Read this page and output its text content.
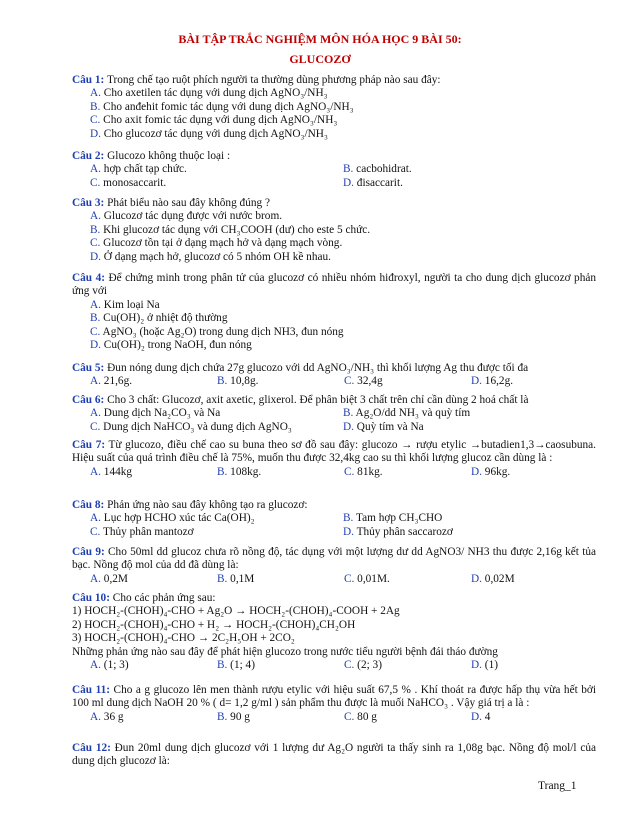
BÀI TẬP TRẮC NGHIỆM MÔN HÓA HỌC 9 BÀI 50:
GLUCOZƠ
Câu 1: Trong chế tạo ruột phích người ta thường dùng phương pháp nào sau đây:
A. Cho axetilen tác dụng với dung dịch AgNO₃/NH₃
B. Cho anđehit fomic tác dụng với dung dịch AgNO₃/NH₃
C. Cho axit fomic tác dụng với dung dịch AgNO₃/NH₃
D. Cho glucozơ tác dụng với dung dịch AgNO₃/NH₃
Câu 2: Glucozo không thuộc loại :
A. hợp chất tạp chức.	B. cacbohidrat.
C. monosaccarit.	D. đisaccarit.
Câu 3: Phát biểu nào sau đây không đúng ?
A. Glucozơ tác dụng được với nước brom.
B. Khi glucozơ tác dụng với CH₃COOH (dư) cho este 5 chức.
C. Glucozơ tồn tại ở dạng mạch hở và dạng mạch vòng.
D. Ở dạng mạch hở, glucozơ có 5 nhóm OH kề nhau.
Câu 4: Để chứng minh trong phân tử của glucozơ có nhiều nhóm hiđroxyl, người ta cho dung dịch glucozơ phản ứng với
A. Kim loại Na
B. Cu(OH)₂ ở nhiệt độ thường
C. AgNO₃ (hoặc Ag₂O) trong dung dịch NH3, đun nóng
D. Cu(OH)₂ trong NaOH, đun nóng
Câu 5: Đun nóng dung dịch chứa 27g glucozo với dd AgNO₃/NH₃ thì khối lượng Ag thu được tối đa
A. 21,6g.	B. 10,8g.	C. 32,4g	D. 16,2g.
Câu 6: Cho 3 chất: Glucozơ, axit axetic, glixerol. Để phân biệt 3 chất trên chỉ cần dùng 2 hoá chất là
A. Dung dịch Na₂CO₃ và Na	B. Ag₂O/dd NH₃ và quỳ tím
C. Dung dịch NaHCO₃ và dung dịch AgNO₃	D. Quỳ tím và Na
Câu 7: Từ glucozo, điều chế cao su buna theo sơ đồ sau đây: glucozo → rượu etylic →butadien1,3→caosubuna. Hiệu suất của quá trình điều chế là 75%, muốn thu được 32,4kg cao su thì khối lượng glucoz cần dùng là :
A. 144kg	B. 108kg.	C. 81kg.	D. 96kg.
Câu 8: Phản ứng nào sau đây không tạo ra glucozơ:
A. Lục hợp HCHO xúc tác Ca(OH)₂	B. Tam hợp CH₃CHO
C. Thủy phân mantozơ	D. Thủy phân saccarozơ
Câu 9: Cho 50ml dd glucoz chưa rõ nồng độ, tác dụng với một lượng dư dd AgNO3/ NH3 thu được 2,16g kết tủa bạc. Nồng độ mol của dd đã dùng là:
A. 0,2M	B. 0,1M	C. 0,01M.	D. 0,02M
Câu 10: Cho các phản ứng sau:
1) HOCH₂-(CHOH)₄-CHO + Ag₂O → HOCH₂-(CHOH)₄-COOH + 2Ag
2) HOCH₂-(CHOH)₄-CHO + H₂ → HOCH₂-(CHOH)₄CH₂OH
3) HOCH₂-(CHOH)₄-CHO → 2C₂H₅OH + 2CO₂
Những phản ứng nào sau đây để phát hiện glucozo trong nước tiểu người bệnh đái tháo đường
A. (1; 3)	B. (1; 4)	C. (2; 3)	D. (1)
Câu 11: Cho a g glucozo lên men thành rượu etylic với hiệu suất 67,5 % . Khí thoát ra được hấp thụ vừa hết bởi 100 ml dung dịch NaOH 20 % ( d= 1,2 g/ml ) sản phẩm thu được là muối NaHCO₃ . Vậy giá trị a là :
A. 36 g	B. 90 g	C. 80 g	D. 4
Câu 12: Đun 20ml dung dịch glucozơ với 1 lượng dư Ag₂O người ta thấy sinh ra 1,08g bạc. Nồng độ mol/l của dung dịch glucozơ là:
Trang_1
